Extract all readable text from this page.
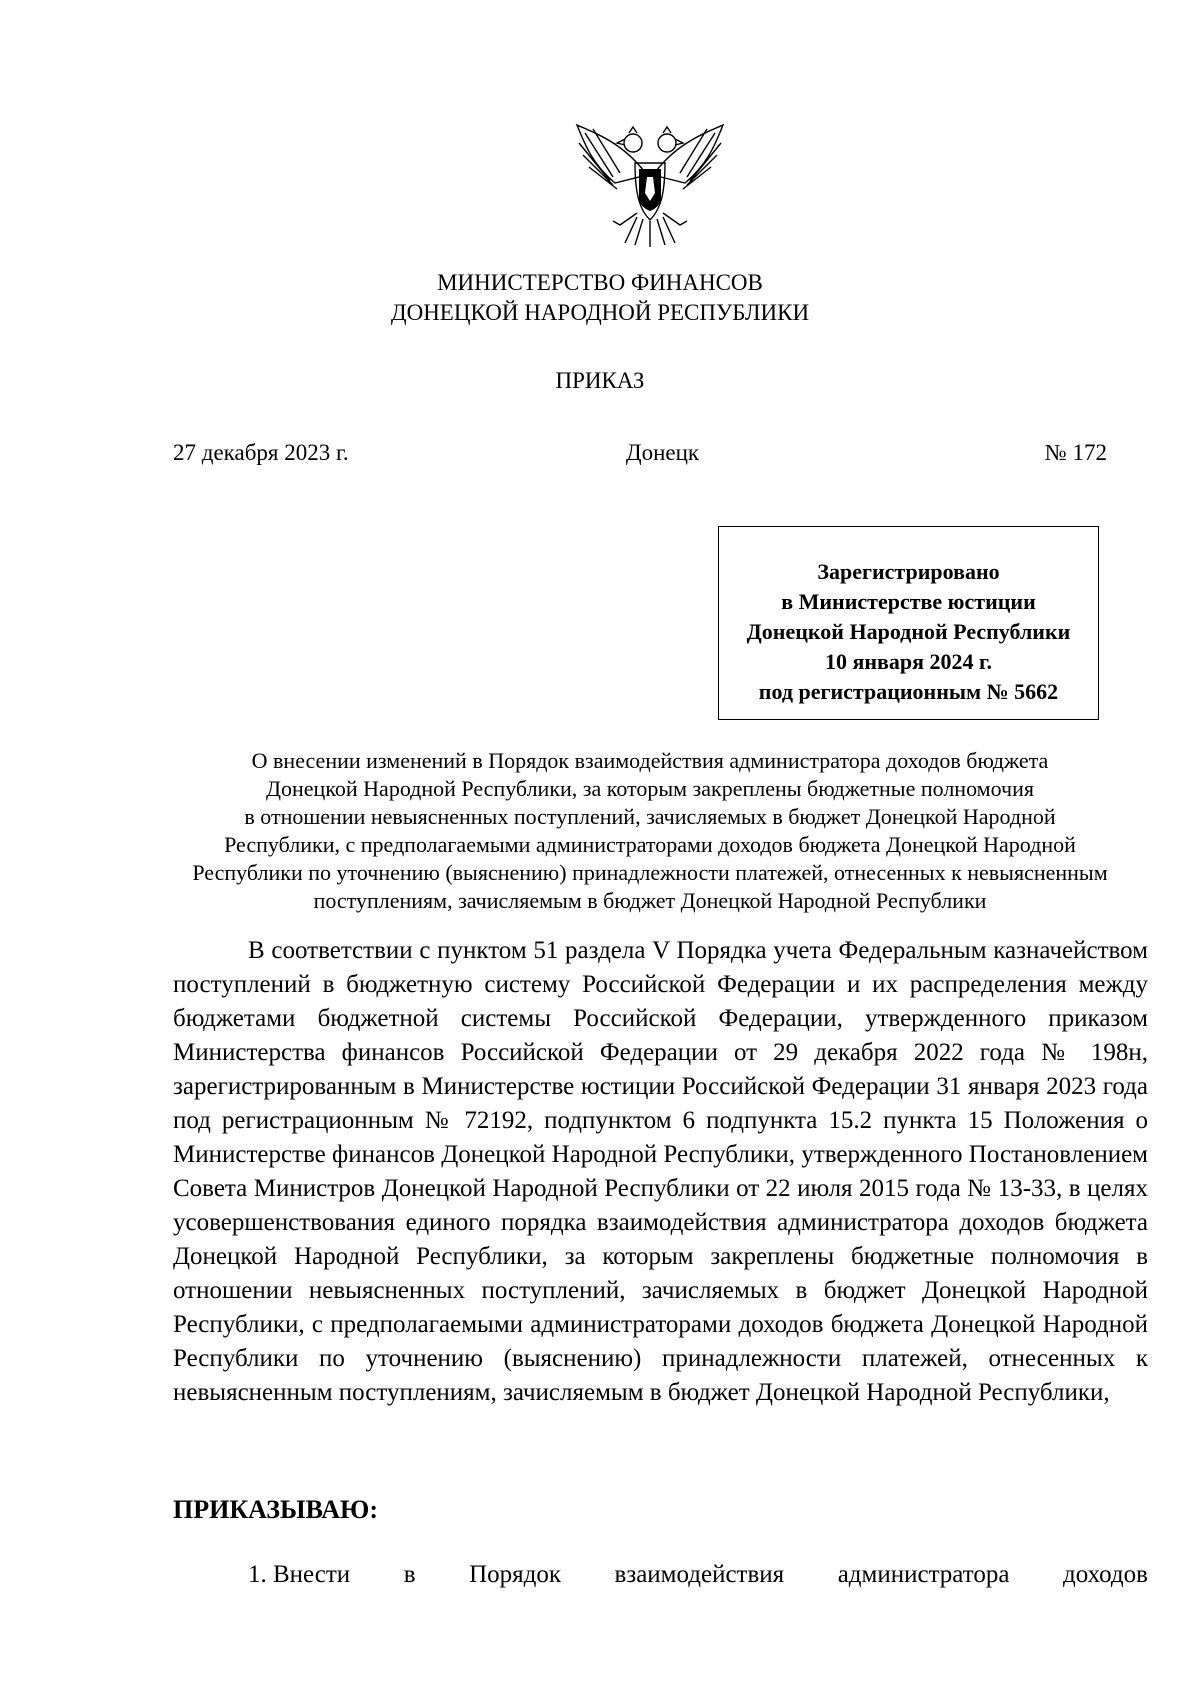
МИНИСТЕРСТВО ФИНАНСОВ
ДОНЕЦКОЙ НАРОДНОЙ РЕСПУБЛИКИ
ПРИКАЗ
27 декабря 2023 г.	Донецк	№ 172
Зарегистрировано
в Министерстве юстиции
Донецкой Народной Республики
10 января 2024 г.
под регистрационным № 5662
О внесении изменений в Порядок взаимодействия администратора доходов бюджета
Донецкой Народной Республики, за которым закреплены бюджетные полномочия
в отношении невыясненных поступлений, зачисляемых в бюджет Донецкой Народной
Республики, с предполагаемыми администраторами доходов бюджета Донецкой Народной
Республики по уточнению (выяснению) принадлежности платежей, отнесенных к невыясненным
поступлениям, зачисляемым в бюджет Донецкой Народной Республики

В соответствии с пунктом 51 раздела V Порядка учета Федеральным казначейством поступлений в бюджетную систему Российской Федерации и их распределения между бюджетами бюджетной системы Российской Федерации, утвержденного приказом Министерства финансов Российской Федерации от 29 декабря 2022 года № 198н, зарегистрированным в Министерстве юстиции Российской Федерации 31 января 2023 года под регистрационным № 72192, подпунктом 6 подпункта 15.2 пункта 15 Положения о Министерстве финансов Донецкой Народной Республики, утвержденного Постановлением Совета Министров Донецкой Народной Республики от 22 июля 2015 года № 13-33, в целях усовершенствования единого порядка взаимодействия администратора доходов бюджета Донецкой Народной Республики, за которым закреплены бюджетные полномочия в отношении невыясненных поступлений, зачисляемых в бюджет Донецкой Народной Республики, с предполагаемыми администраторами доходов бюджета Донецкой Народной Республики по уточнению (выяснению) принадлежности платежей, отнесенных к невыясненным поступлениям, зачисляемым в бюджет Донецкой Народной Республики,

ПРИКАЗЫВАЮ:
1. Внести в Порядок взаимодействия администратора доходов
